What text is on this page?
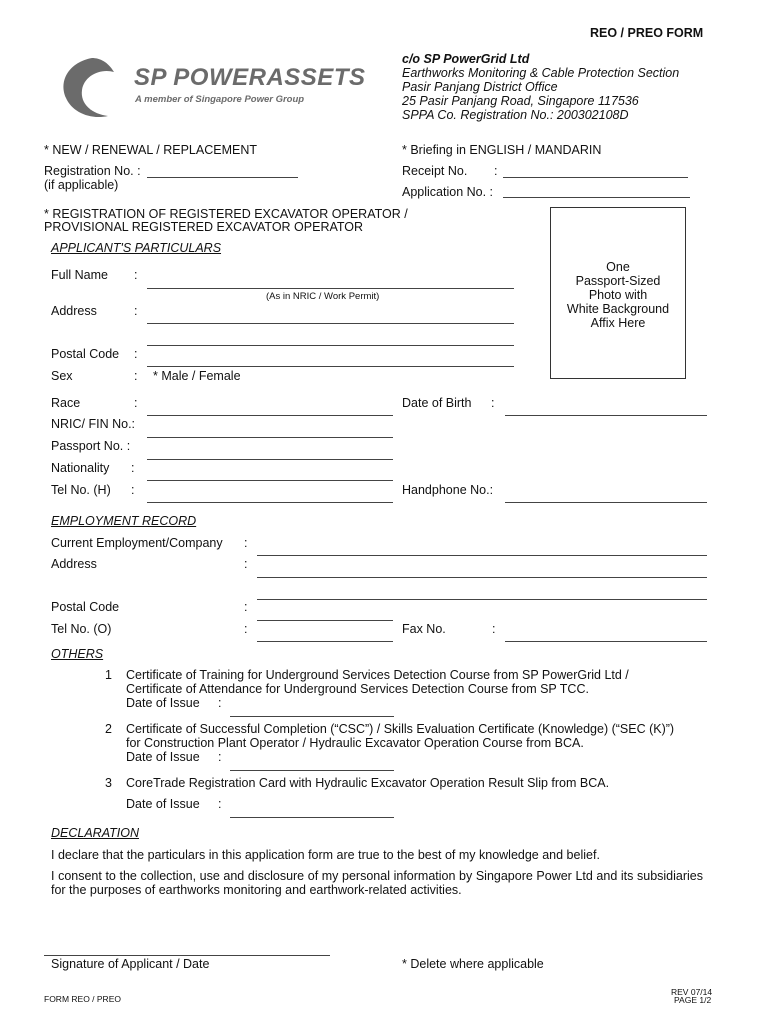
REO / PREO FORM
SP POWERASSETS
A member of Singapore Power Group
c/o SP PowerGrid Ltd
Earthworks Monitoring & Cable Protection Section
Pasir Panjang District Office
25 Pasir Panjang Road, Singapore 117536
SPPA Co. Registration No.: 200302108D
* NEW / RENEWAL / REPLACEMENT	* Briefing in ENGLISH / MANDARIN
Registration No. :
(if applicable)
Receipt No. :
Application No. :
* REGISTRATION OF REGISTERED EXCAVATOR OPERATOR /
PROVISIONAL REGISTERED EXCAVATOR OPERATOR
One
Passport-Sized
Photo with
White Background
Affix Here
APPLICANT'S PARTICULARS
Full Name :
(As in NRIC / Work Permit)
Address	:
Postal Code :
Sex	: * Male / Female
Race	:	Date of Birth :
NRIC/ FIN No.:
Passport No. :
Nationality :
Tel No. (H) :	Handphone No.:
EMPLOYMENT RECORD
Current Employment/Company :
Address	:
Postal Code	:
Tel No. (O)	:	Fax No.	:
OTHERS
1 Certificate of Training for Underground Services Detection Course from SP PowerGrid Ltd /
Certificate of Attendance for Underground Services Detection Course from SP TCC.
Date of Issue :
2 Certificate of Successful Completion (“CSC”) / Skills Evaluation Certificate (Knowledge) (“SEC (K)”)
for Construction Plant Operator / Hydraulic Excavator Operation Course from BCA.
Date of Issue :
3 CoreTrade Registration Card with Hydraulic Excavator Operation Result Slip from BCA.
Date of Issue :
DECLARATION
I declare that the particulars in this application form are true to the best of my knowledge and belief.
I consent to the collection, use and disclosure of my personal information by Singapore Power Ltd and its subsidiaries for the purposes of earthworks monitoring and earthwork-related activities.
Signature of Applicant / Date	* Delete where applicable
FORM REO / PREO
REV 07/14
PAGE 1/2
